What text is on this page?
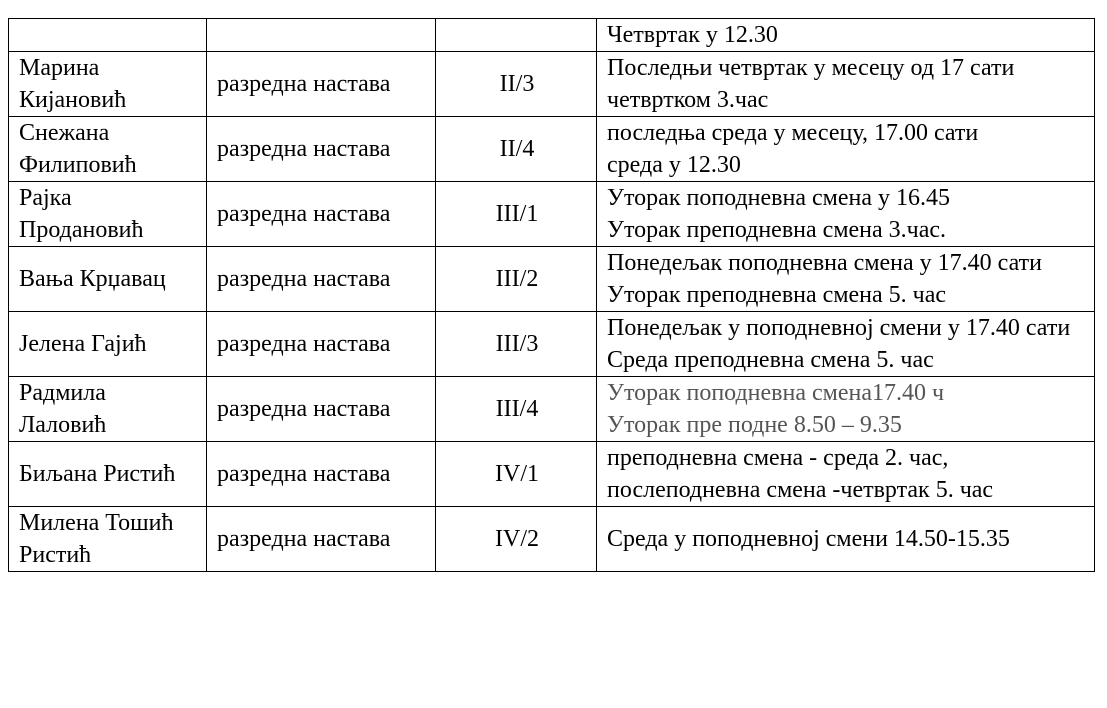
			Четвртак у 12.30

Марина Кијановић	разредна настава	II/3	Последњи четвртак у месецу од 17 сати
четвртком 3.час

Снежана Филиповић	разредна настава	II/4	последња среда у месецу, 17.00 сати
среда у 12.30

Рајка Продановић	разредна настава	III/1	Уторак поподневна смена у 16.45
Уторак преподневна смена 3.час.

Вања Крџавац	разредна настава	III/2	Понедељак поподневна смена у 17.40 сати
Уторак преподневна смена 5. час

Јелена Гајић	разредна настава	III/3	Понедељак у поподневној смени у 17.40 сати
Среда преподневна смена 5. час

Радмила Лаловић	разредна настава	III/4	Уторак поподневна смена17.40 ч
Уторак пре подне 8.50 – 9.35

Биљана Ристић	разредна настава	IV/1	преподневна смена - среда 2. час,
послеподневна смена -четвртак 5. час

Милена Тошић Ристић	разредна настава	IV/2	Среда у поподневној смени 14.50-15.35
